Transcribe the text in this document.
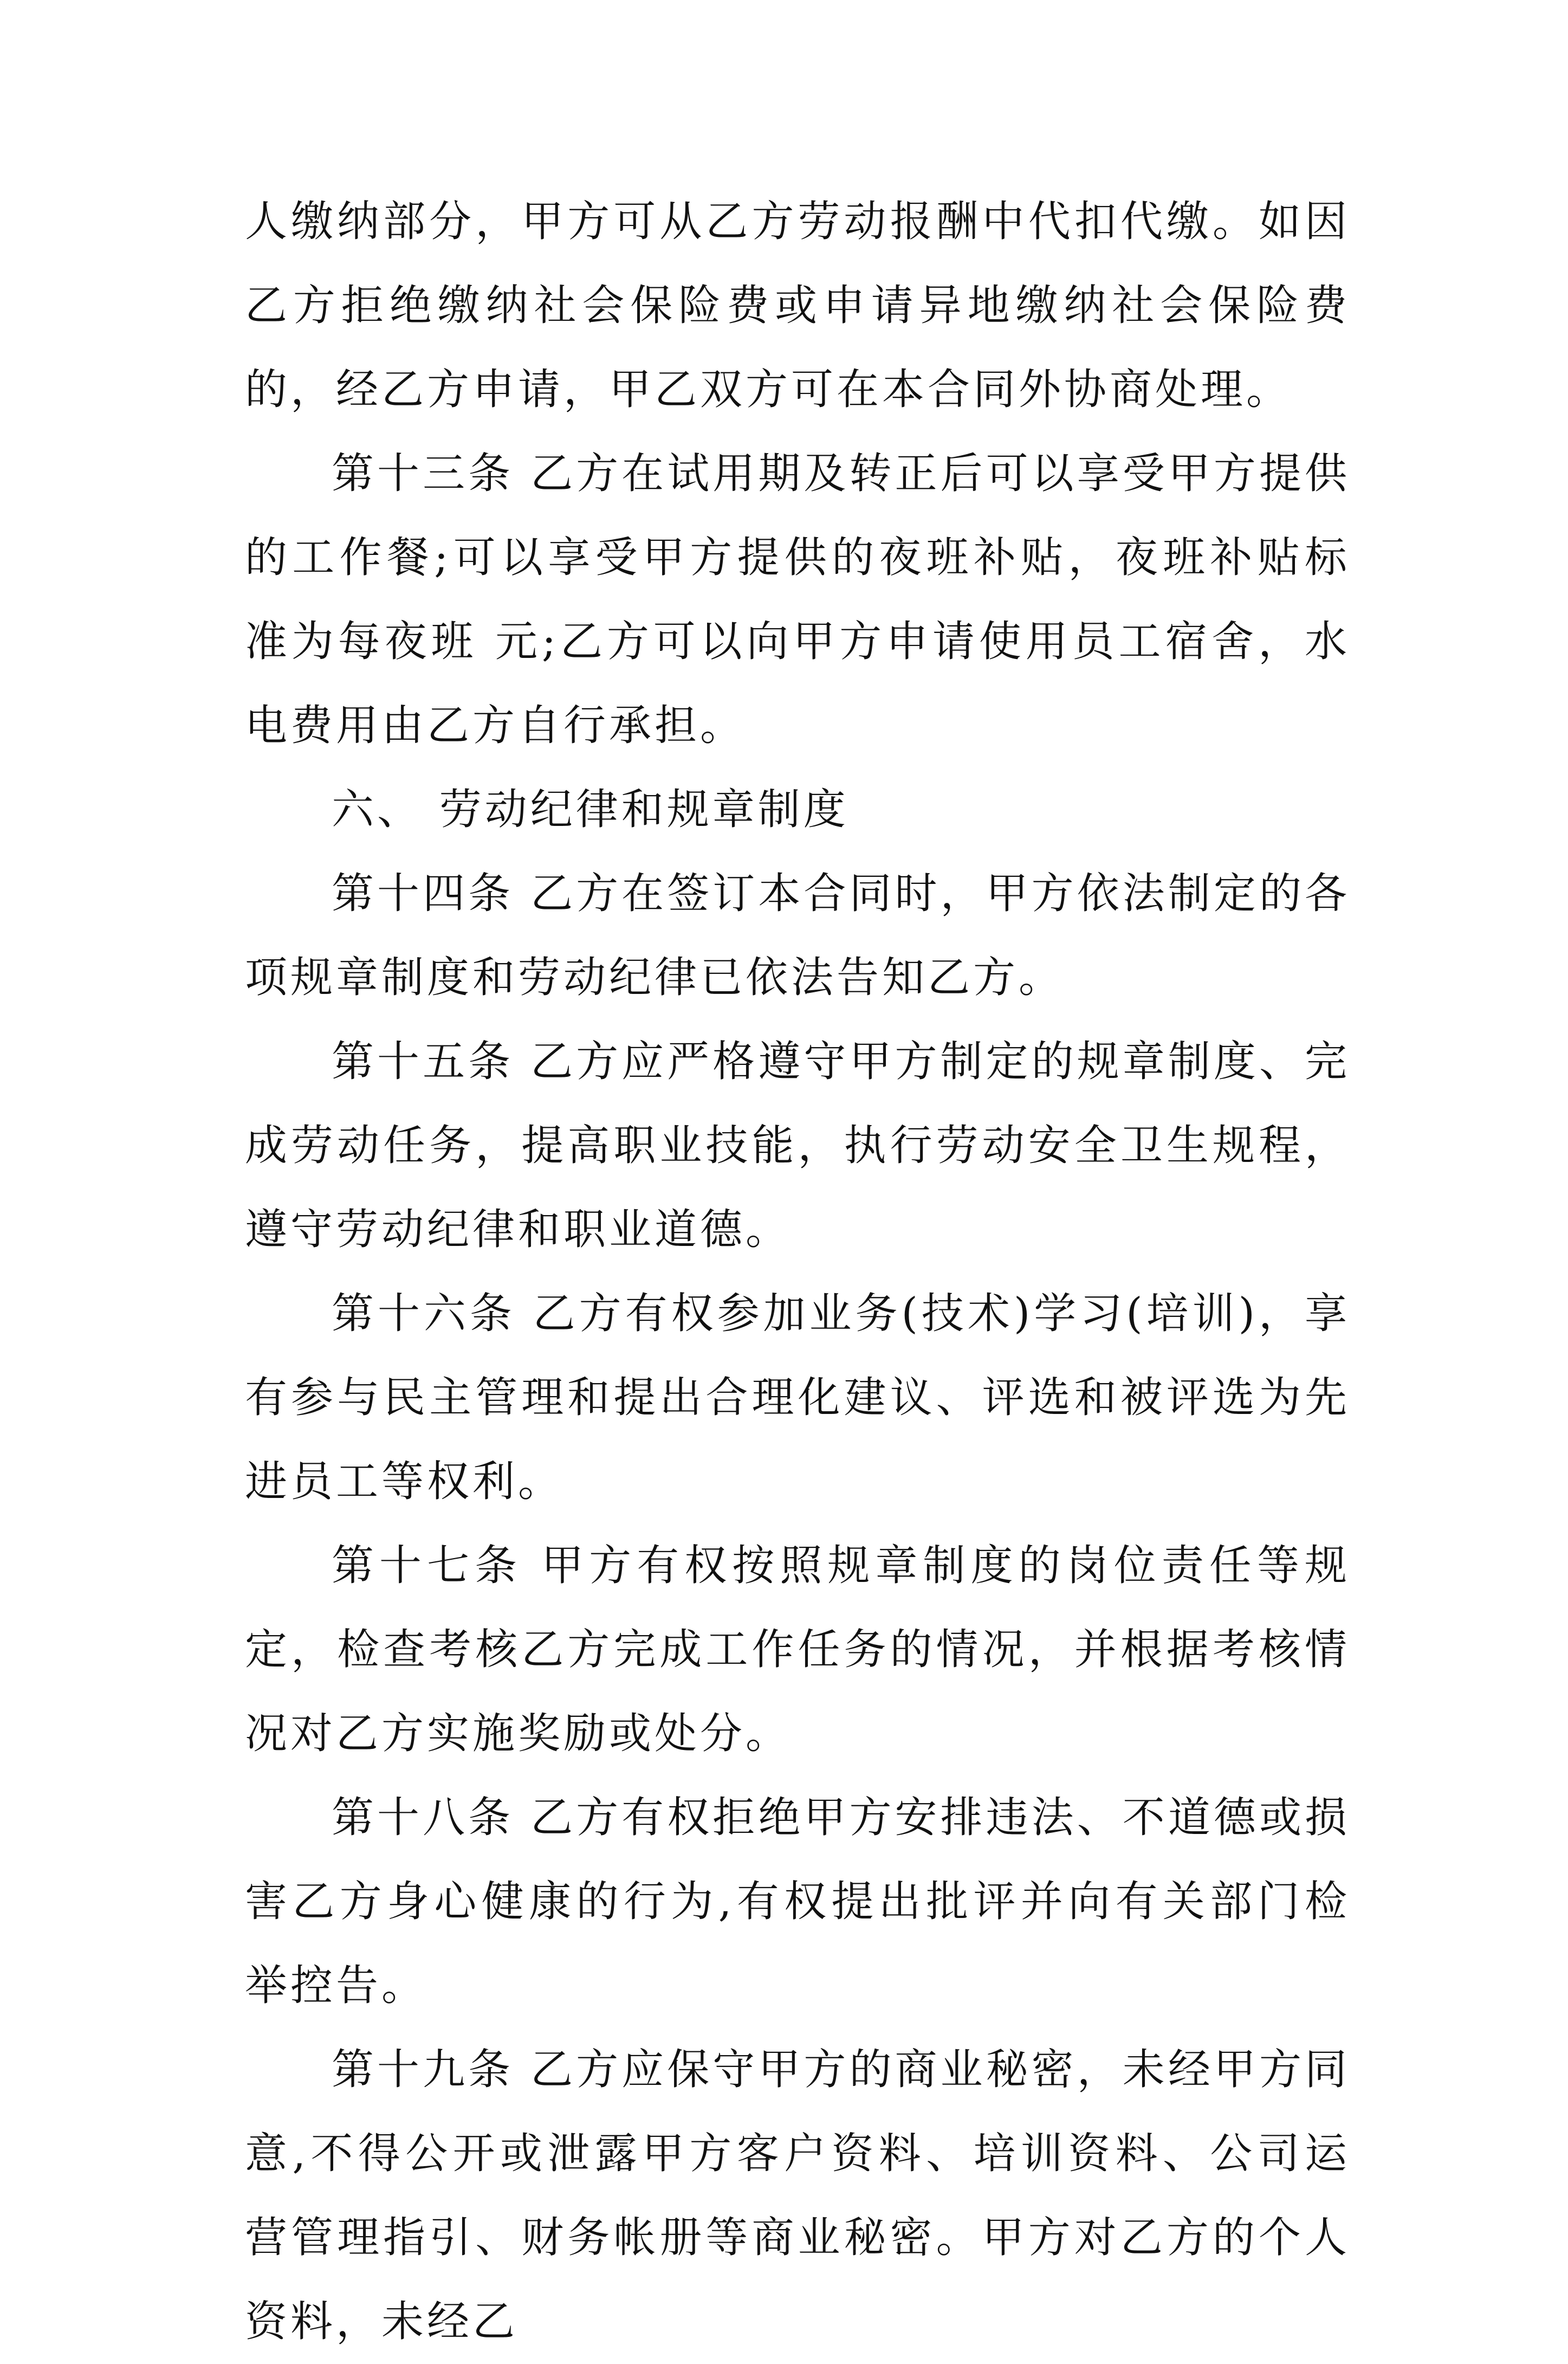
人缴纳部分，甲方可从乙方劳动报酬中代扣代缴。如因乙方拒绝缴纳社会保险费或申请异地缴纳社会保险费的，经乙方申请，甲乙双方可在本合同外协商处理。

第十三条 乙方在试用期及转正后可以享受甲方提供的工作餐;可以享受甲方提供的夜班补贴，夜班补贴标准为每夜班 元;乙方可以向甲方申请使用员工宿舍，水电费用由乙方自行承担。

六、 劳动纪律和规章制度

第十四条 乙方在签订本合同时，甲方依法制定的各项规章制度和劳动纪律已依法告知乙方。

第十五条 乙方应严格遵守甲方制定的规章制度、完成劳动任务，提高职业技能，执行劳动安全卫生规程，遵守劳动纪律和职业道德。

第十六条 乙方有权参加业务(技术)学习(培训)，享有参与民主管理和提出合理化建议、评选和被评选为先进员工等权利。

第十七条 甲方有权按照规章制度的岗位责任等规定，检查考核乙方完成工作任务的情况，并根据考核情况对乙方实施奖励或处分。

第十八条 乙方有权拒绝甲方安排违法、不道德或损害乙方身心健康的行为,有权提出批评并向有关部门检举控告。

第十九条 乙方应保守甲方的商业秘密，未经甲方同意,不得公开或泄露甲方客户资料、培训资料、公司运营管理指引、财务帐册等商业秘密。甲方对乙方的个人资料，未经乙
